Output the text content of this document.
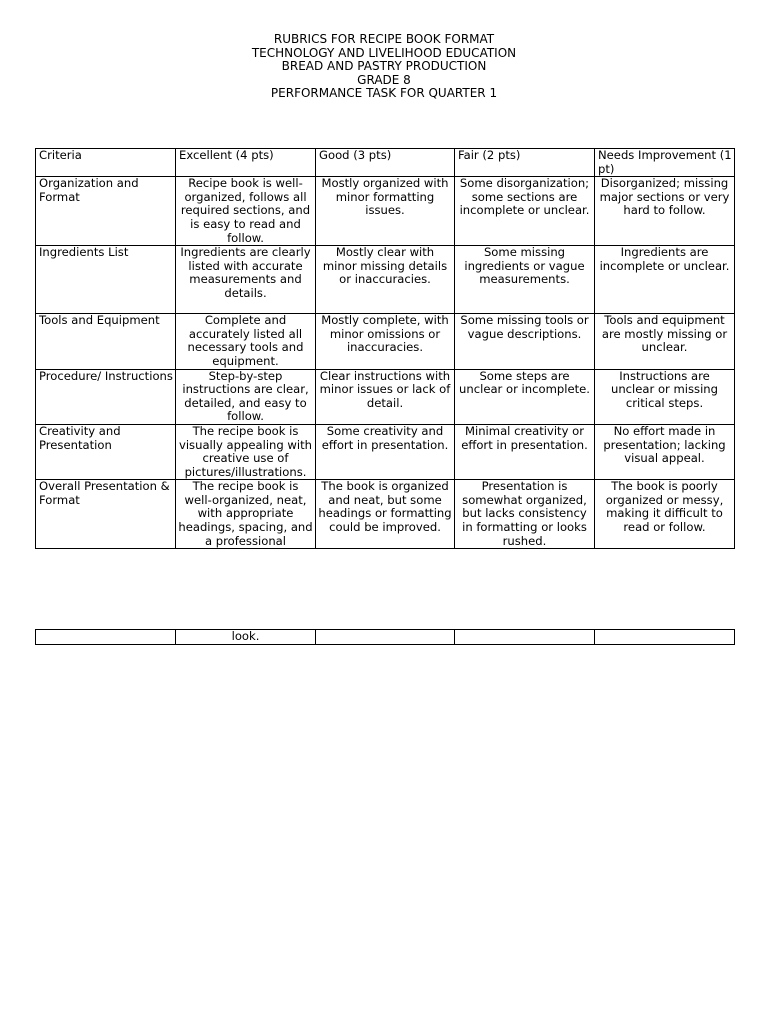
RUBRICS FOR RECIPE BOOK FORMAT
TECHNOLOGY AND LIVELIHOOD EDUCATION
BREAD AND PASTRY PRODUCTION
GRADE 8
PERFORMANCE TASK FOR QUARTER 1
Criteria	Excellent (4 pts)	Good (3 pts)	Fair (2 pts)	Needs Improvement (1 pt)
Organization and Format	Recipe book is well-organized, follows all required sections, and is easy to read and follow.	Mostly organized with minor formatting issues.	Some disorganization; some sections are incomplete or unclear.	Disorganized; missing major sections or very hard to follow.
Ingredients List	Ingredients are clearly listed with accurate measurements and details.	Mostly clear with minor missing details or inaccuracies.	Some missing ingredients or vague measurements.	Ingredients are incomplete or unclear.
Tools and Equipment	Complete and accurately listed all necessary tools and equipment.	Mostly complete, with minor omissions or inaccuracies.	Some missing tools or vague descriptions.	Tools and equipment are mostly missing or unclear.
Procedure/ Instructions	Step-by-step instructions are clear, detailed, and easy to follow.	Clear instructions with minor issues or lack of detail.	Some steps are unclear or incomplete.	Instructions are unclear or missing critical steps.
Creativity and Presentation	The recipe book is visually appealing with creative use of pictures/illustrations.	Some creativity and effort in presentation.	Minimal creativity or effort in presentation.	No effort made in presentation; lacking visual appeal.
Overall Presentation & Format	The recipe book is well-organized, neat, with appropriate headings, spacing, and a professional	The book is organized and neat, but some headings or formatting could be improved.	Presentation is somewhat organized, but lacks consistency in formatting or looks rushed.	The book is poorly organized or messy, making it difficult to read or follow.
	look.			
